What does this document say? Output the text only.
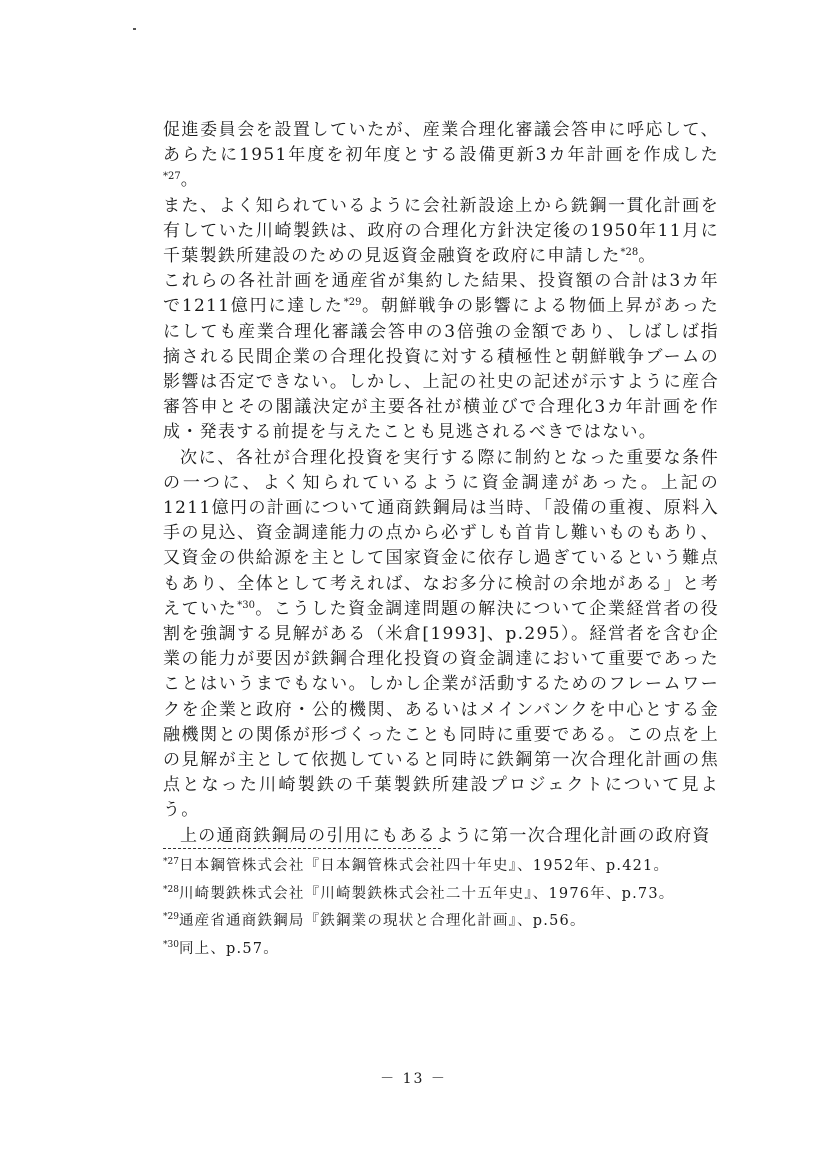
促進委員会を設置していたが、産業合理化審議会答申に呼応して、あらたに1951年度を初年度とする設備更新3カ年計画を作成した$^{*27}$。

また、よく知られているように会社新設途上から銑鋼一貫化計画を有していた川崎製鉄は、政府の合理化方針決定後の1950年11月に千葉製鉄所建設のための見返資金融資を政府に申請した$^{*28}$。

これらの各社計画を通産省が集約した結果、投資額の合計は3カ年で1211億円に達した$^{*29}$。朝鮮戦争の影響による物価上昇があったにしても産業合理化審議会答申の3倍強の金額であり、しばしば指摘される民間企業の合理化投資に対する積極性と朝鮮戦争ブームの影響は否定できない。しかし、上記の社史の記述が示すように産合審答申とその閣議決定が主要各社が横並びで合理化3カ年計画を作成・発表する前提を与えたことも見逃されるべきではない。

次に、各社が合理化投資を実行する際に制約となった重要な条件の一つに、よく知られているように資金調達があった。上記の1211億円の計画について通商鉄鋼局は当時、「設備の重複、原料入手の見込、資金調達能力の点から必ずしも首肯し難いものもあり、又資金の供給源を主として国家資金に依存し過ぎているという難点もあり、全体として考えれば、なお多分に検討の余地がある」と考えていた$^{*30}$。こうした資金調達問題の解決について企業経営者の役割を強調する見解がある（米倉[1993]、p.295）。経営者を含む企業の能力が要因が鉄鋼合理化投資の資金調達において重要であったことはいうまでもない。しかし企業が活動するためのフレームワークを企業と政府・公的機関、あるいはメインバンクを中心とする金融機関との関係が形づくったことも同時に重要である。この点を上の見解が主として依拠していると同時に鉄鋼第一次合理化計画の焦点となった川崎製鉄の千葉製鉄所建設プロジェクトについて見よう。

上の通商鉄鋼局の引用にもあるように第一次合理化計画の政府資

$^{*27}$日本鋼管株式会社『日本鋼管株式会社四十年史』、1952年、p.421。

$^{*28}$川崎製鉄株式会社『川崎製鉄株式会社二十五年史』、1976年、p.73。

$^{*29}$通産省通商鉄鋼局『鉄鋼業の現状と合理化計画』、p.56。

$^{*30}$同上、p.57。

－ 13 －
